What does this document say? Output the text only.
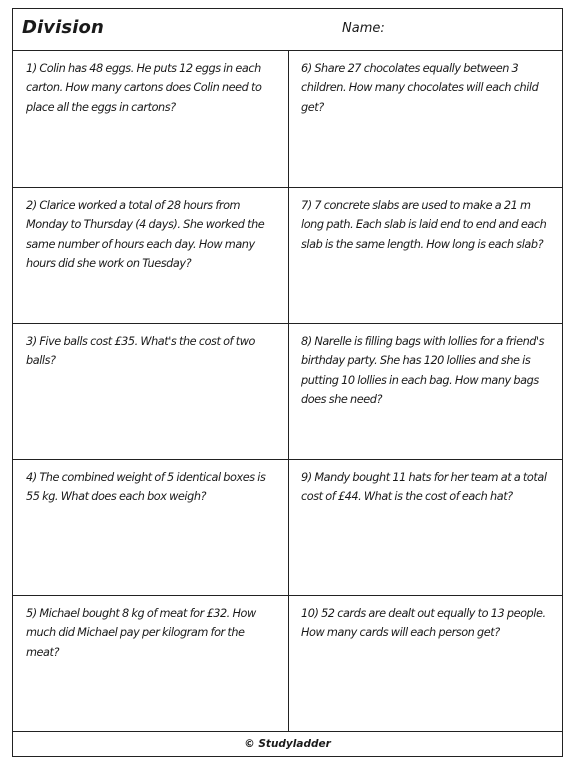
Division	Name:
1) Colin has 48 eggs. He puts 12 eggs in each carton. How many cartons does Colin need to place all the eggs in cartons?
2) Clarice worked a total of 28 hours from Monday to Thursday (4 days). She worked the same number of hours each day. How many hours did she work on Tuesday?
3) Five balls cost £35. What's the cost of two balls?
4) The combined weight of 5 identical boxes is 55 kg. What does each box weigh?
5) Michael bought 8 kg of meat for £32. How much did Michael pay per kilogram for the meat?
6) Share 27 chocolates equally between 3 children. How many chocolates will each child get?
7) 7 concrete slabs are used to make a 21 m long path. Each slab is laid end to end and each slab is the same length. How long is each slab?
8) Narelle is filling bags with lollies for a friend's birthday party. She has 120 lollies and she is putting 10 lollies in each bag. How many bags does she need?
9) Mandy bought 11 hats for her team at a total cost of £44. What is the cost of each hat?
10) 52 cards are dealt out equally to 13 people. How many cards will each person get?
© Studyladder
